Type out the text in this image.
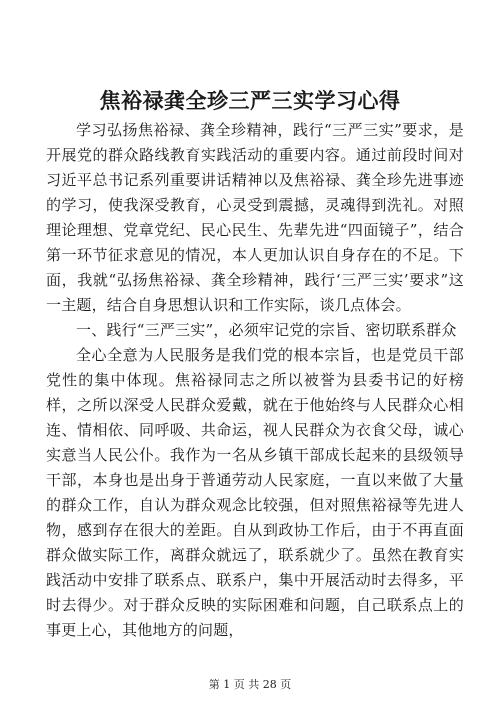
焦裕禄龚全珍三严三实学习心得

学习弘扬焦裕禄、龚全珍精神，践行“三严三实”要求，是开展党的群众路线教育实践活动的重要内容。通过前段时间对习近平总书记系列重要讲话精神以及焦裕禄、龚全珍先进事迹的学习，使我深受教育，心灵受到震撼，灵魂得到洗礼。对照理论理想、党章党纪、民心民生、先辈先进“四面镜子”，结合第一环节征求意见的情况，本人更加认识自身存在的不足。下面，我就“弘扬焦裕禄、龚全珍精神，践行‘三严三实’要求”这一主题，结合自身思想认识和工作实际，谈几点体会。

一、践行“三严三实”，必须牢记党的宗旨、密切联系群众

全心全意为人民服务是我们党的根本宗旨，也是党员干部党性的集中体现。焦裕禄同志之所以被誉为县委书记的好榜样，之所以深受人民群众爱戴，就在于他始终与人民群众心相连、情相依、同呼吸、共命运，视人民群众为衣食父母，诚心实意当人民公仆。我作为一名从乡镇干部成长起来的县级领导干部，本身也是出身于普通劳动人民家庭，一直以来做了大量的群众工作，自认为群众观念比较强，但对照焦裕禄等先进人物，感到存在很大的差距。自从到政协工作后，由于不再直面群众做实际工作，离群众就远了，联系就少了。虽然在教育实践活动中安排了联系点、联系户，集中开展活动时去得多，平时去得少。对于群众反映的实际困难和问题，自己联系点上的事更上心，其他地方的问题，

第 1 页 共 28 页
